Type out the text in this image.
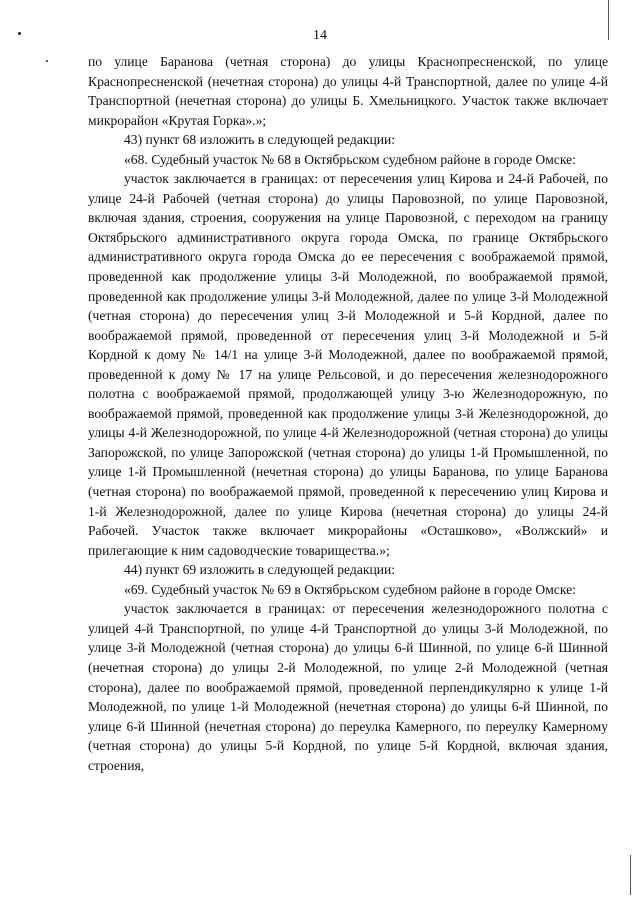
14

по улице Баранова (четная сторона) до улицы Краснопресненской, по улице Краснопресненской (нечетная сторона) до улицы 4-й Транспортной, далее по улице 4-й Транспортной (нечетная сторона) до улицы Б. Хмельницкого. Участок также включает микрорайон «Крутая Горка».»;

43) пункт 68 изложить в следующей редакции:

«68. Судебный участок № 68 в Октябрьском судебном районе в городе Омске:

участок заключается в границах: от пересечения улиц Кирова и 24-й Рабочей, по улице 24-й Рабочей (четная сторона) до улицы Паровозной, по улице Паровозной, включая здания, строения, сооружения на улице Паровозной, с переходом на границу Октябрьского административного округа города Омска, по границе Октябрьского административного округа города Омска до ее пересечения с воображаемой прямой, проведенной как продолжение улицы 3-й Молодежной, по воображаемой прямой, проведенной как продолжение улицы 3-й Молодежной, далее по улице 3-й Молодежной (четная сторона) до пересечения улиц 3-й Молодежной и 5-й Кордной, далее по воображаемой прямой, проведенной от пересечения улиц 3-й Молодежной и 5-й Кордной к дому № 14/1 на улице 3-й Молодежной, далее по воображаемой прямой, проведенной к дому № 17 на улице Рельсовой, и до пересечения железнодорожного полотна с воображаемой прямой, продолжающей улицу 3-ю Железнодорожную, по воображаемой прямой, проведенной как продолжение улицы 3-й Железнодорожной, до улицы 4-й Железнодорожной, по улице 4-й Железнодорожной (четная сторона) до улицы Запорожской, по улице Запорожской (четная сторона) до улицы 1-й Промышленной, по улице 1-й Промышленной (нечетная сторона) до улицы Баранова, по улице Баранова (четная сторона) по воображаемой прямой, проведенной к пересечению улиц Кирова и 1-й Железнодорожной, далее по улице Кирова (нечетная сторона) до улицы 24-й Рабочей. Участок также включает микрорайоны «Осташково», «Волжский» и прилегающие к ним садоводческие товарищества.»;

44) пункт 69 изложить в следующей редакции:

«69. Судебный участок № 69 в Октябрьском судебном районе в городе Омске:

участок заключается в границах: от пересечения железнодорожного полотна с улицей 4-й Транспортной, по улице 4-й Транспортной до улицы 3-й Молодежной, по улице 3-й Молодежной (четная сторона) до улицы 6-й Шинной, по улице 6-й Шинной (нечетная сторона) до улицы 2-й Молодежной, по улице 2-й Молодежной (четная сторона), далее по воображаемой прямой, проведенной перпендикулярно к улице 1-й Молодежной, по улице 1-й Молодежной (нечетная сторона) до улицы 6-й Шинной, по улице 6-й Шинной (нечетная сторона) до переулка Камерного, по переулку Камерному (четная сторона) до улицы 5-й Кордной, по улице 5-й Кордной, включая здания, строения,
